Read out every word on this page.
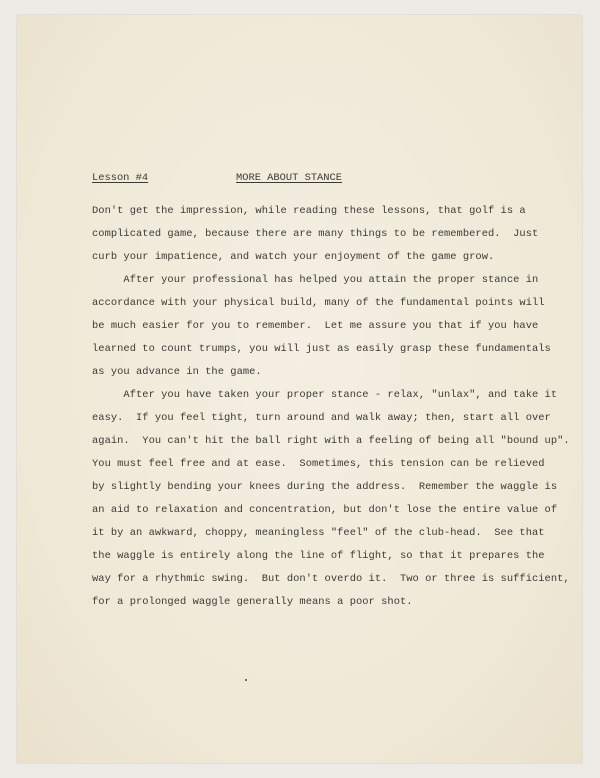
Lesson #4	MORE ABOUT STANCE

Don't get the impression, while reading these lessons, that golf is a

complicated game, because there are many things to be remembered.  Just

curb your impatience, and watch your enjoyment of the game grow.

After your professional has helped you attain the proper stance in

accordance with your physical build, many of the fundamental points will

be much easier for you to remember.  Let me assure you that if you have

learned to count trumps, you will just as easily grasp these fundamentals

as you advance in the game.

After you have taken your proper stance - relax, "unlax", and take it

easy.  If you feel tight, turn around and walk away; then, start all over

again.  You can't hit the ball right with a feeling of being all "bound up".

You must feel free and at ease.  Sometimes, this tension can be relieved

by slightly bending your knees during the address.  Remember the waggle is

an aid to relaxation and concentration, but don't lose the entire value of

it by an awkward, choppy, meaningless "feel" of the club-head.  See that

the waggle is entirely along the line of flight, so that it prepares the

way for a rhythmic swing.  But don't overdo it.  Two or three is sufficient,

for a prolonged waggle generally means a poor shot.
